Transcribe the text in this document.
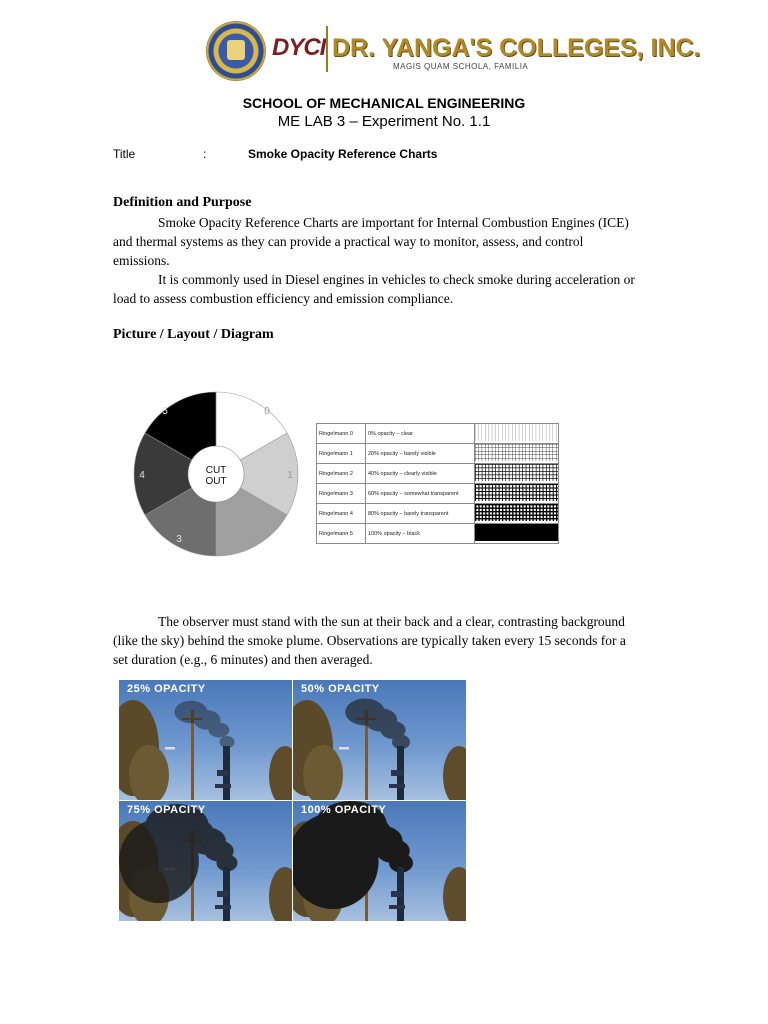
DYCI DR. YANGA'S COLLEGES, INC.
MAGIS QUAM SCHOLA, FAMILIA
SCHOOL OF MECHANICAL ENGINEERING
ME LAB 3 – Experiment No. 1.1
Title	:	Smoke Opacity Reference Charts
Definition and Purpose
Smoke Opacity Reference Charts are important for Internal Combustion Engines (ICE)
and thermal systems as they can provide a practical way to monitor, assess, and control
emissions.
It is commonly used in Diesel engines in vehicles to check smoke during acceleration or
load to assess combustion efficiency and emission compliance.
Picture / Layout / Diagram
CUT
OUT
0
1
2
3
4
5
Ringelmann 0	0% opacity – clear	
Ringelmann 1	20% opacity – barely visible	
Ringelmann 2	40% opacity – clearly visible	
Ringelmann 3	60% opacity – somewhat transparent	
Ringelmann 4	80% opacity – barely transparent	
Ringelmann 5	100% opacity – black	
The observer must stand with the sun at their back and a clear, contrasting background
(like the sky) behind the smoke plume. Observations are typically taken every 15 seconds for a
set duration (e.g., 6 minutes) and then averaged.
25% OPACITY	50% OPACITY
75% OPACITY	100% OPACITY
